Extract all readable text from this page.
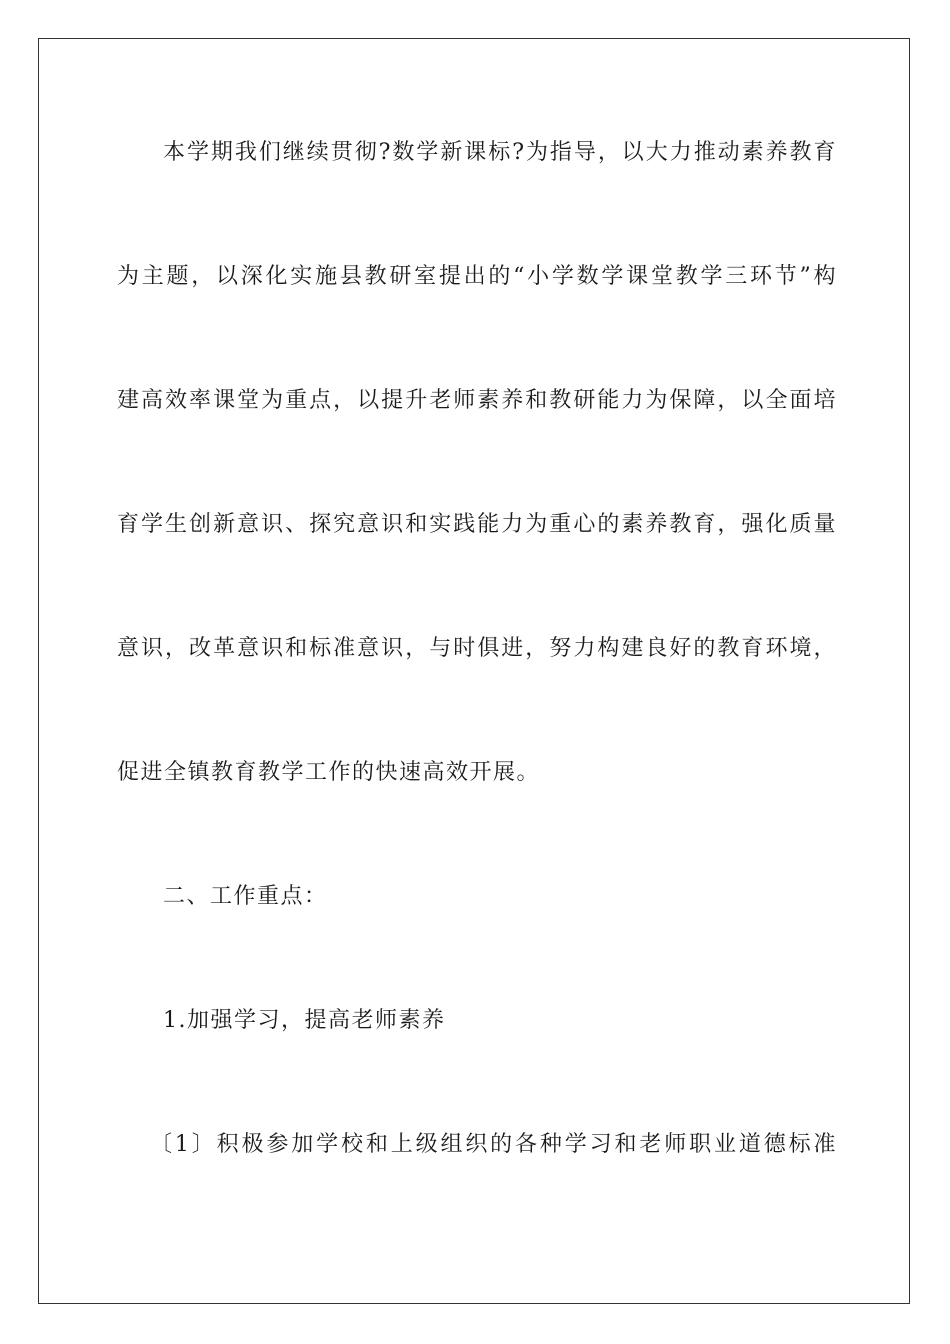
本学期我们继续贯彻?数学新课标?为指导，以大力推动素养教育
为主题，以深化实施县教研室提出的“小学数学课堂教学三环节”构
建高效率课堂为重点，以提升老师素养和教研能力为保障，以全面培
育学生创新意识、探究意识和实践能力为重心的素养教育，强化质量
意识，改革意识和标准意识，与时俱进，努力构建良好的教育环境，
促进全镇教育教学工作的快速高效开展。
二、工作重点：
1.加强学习，提高老师素养
〔1〕积极参加学校和上级组织的各种学习和老师职业道德标准
